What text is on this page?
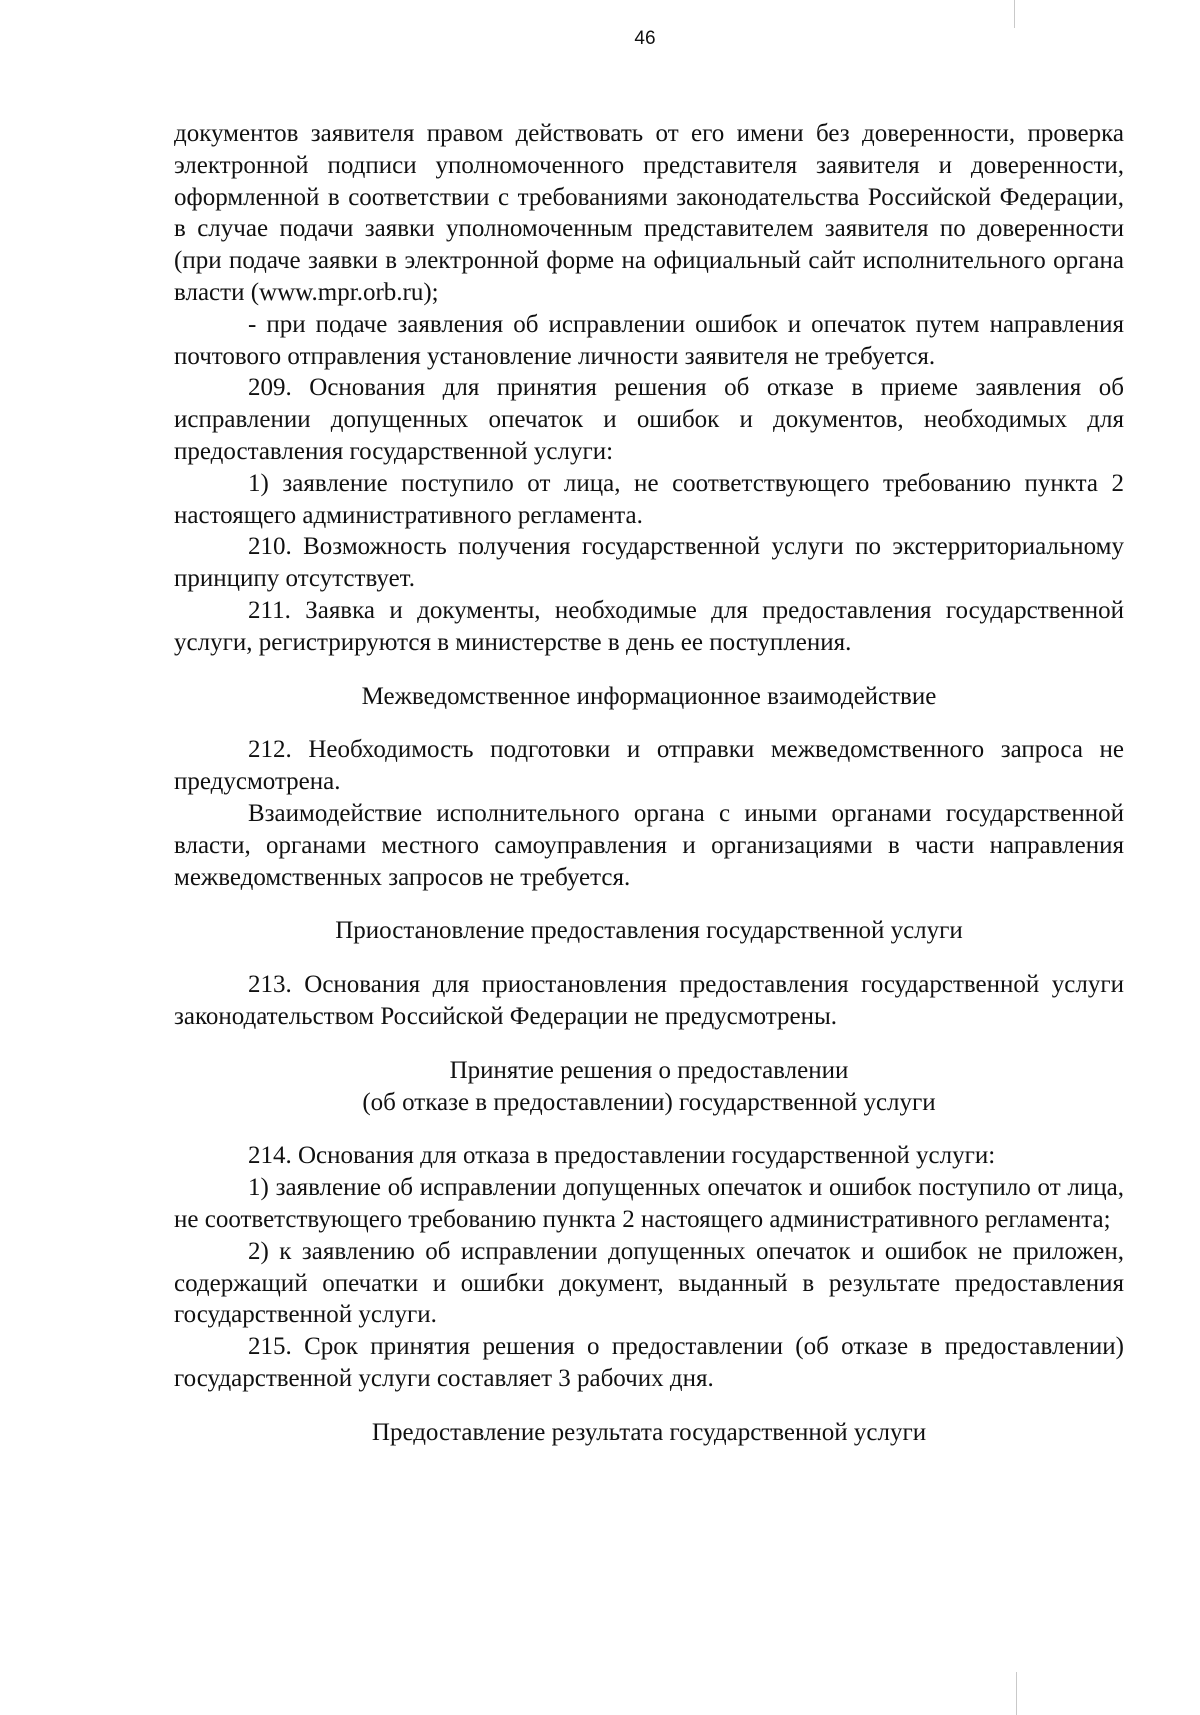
46

документов заявителя правом действовать от его имени без доверенности, проверка электронной подписи уполномоченного представителя заявителя и доверенности, оформленной в соответствии с требованиями законодательства Российской Федерации, в случае подачи заявки уполномоченным представителем заявителя по доверенности (при подаче заявки в электронной форме на официальный сайт исполнительного органа власти (www.mpr.orb.ru);

- при подаче заявления об исправлении ошибок и опечаток путем направления почтового отправления установление личности заявителя не требуется.

209. Основания для принятия решения об отказе в приеме заявления об исправлении допущенных опечаток и ошибок и документов, необходимых для предоставления государственной услуги:

1) заявление поступило от лица, не соответствующего требованию пункта 2 настоящего административного регламента.

210. Возможность получения государственной услуги по экстерриториальному принципу отсутствует.

211. Заявка и документы, необходимые для предоставления государственной услуги, регистрируются в министерстве в день ее поступления.

Межведомственное информационное взаимодействие

212. Необходимость подготовки и отправки межведомственного запроса не предусмотрена.

Взаимодействие исполнительного органа с иными органами государственной власти, органами местного самоуправления и организациями в части направления межведомственных запросов не требуется.

Приостановление предоставления государственной услуги

213. Основания для приостановления предоставления государственной услуги законодательством Российской Федерации не предусмотрены.

Принятие решения о предоставлении
(об отказе в предоставлении) государственной услуги

214. Основания для отказа в предоставлении государственной услуги:

1) заявление об исправлении допущенных опечаток и ошибок поступило от лица, не соответствующего требованию пункта 2 настоящего административного регламента;

2) к заявлению об исправлении допущенных опечаток и ошибок не приложен, содержащий опечатки и ошибки документ, выданный в результате предоставления государственной услуги.

215. Срок принятия решения о предоставлении (об отказе в предоставлении) государственной услуги составляет 3 рабочих дня.

Предоставление результата государственной услуги
